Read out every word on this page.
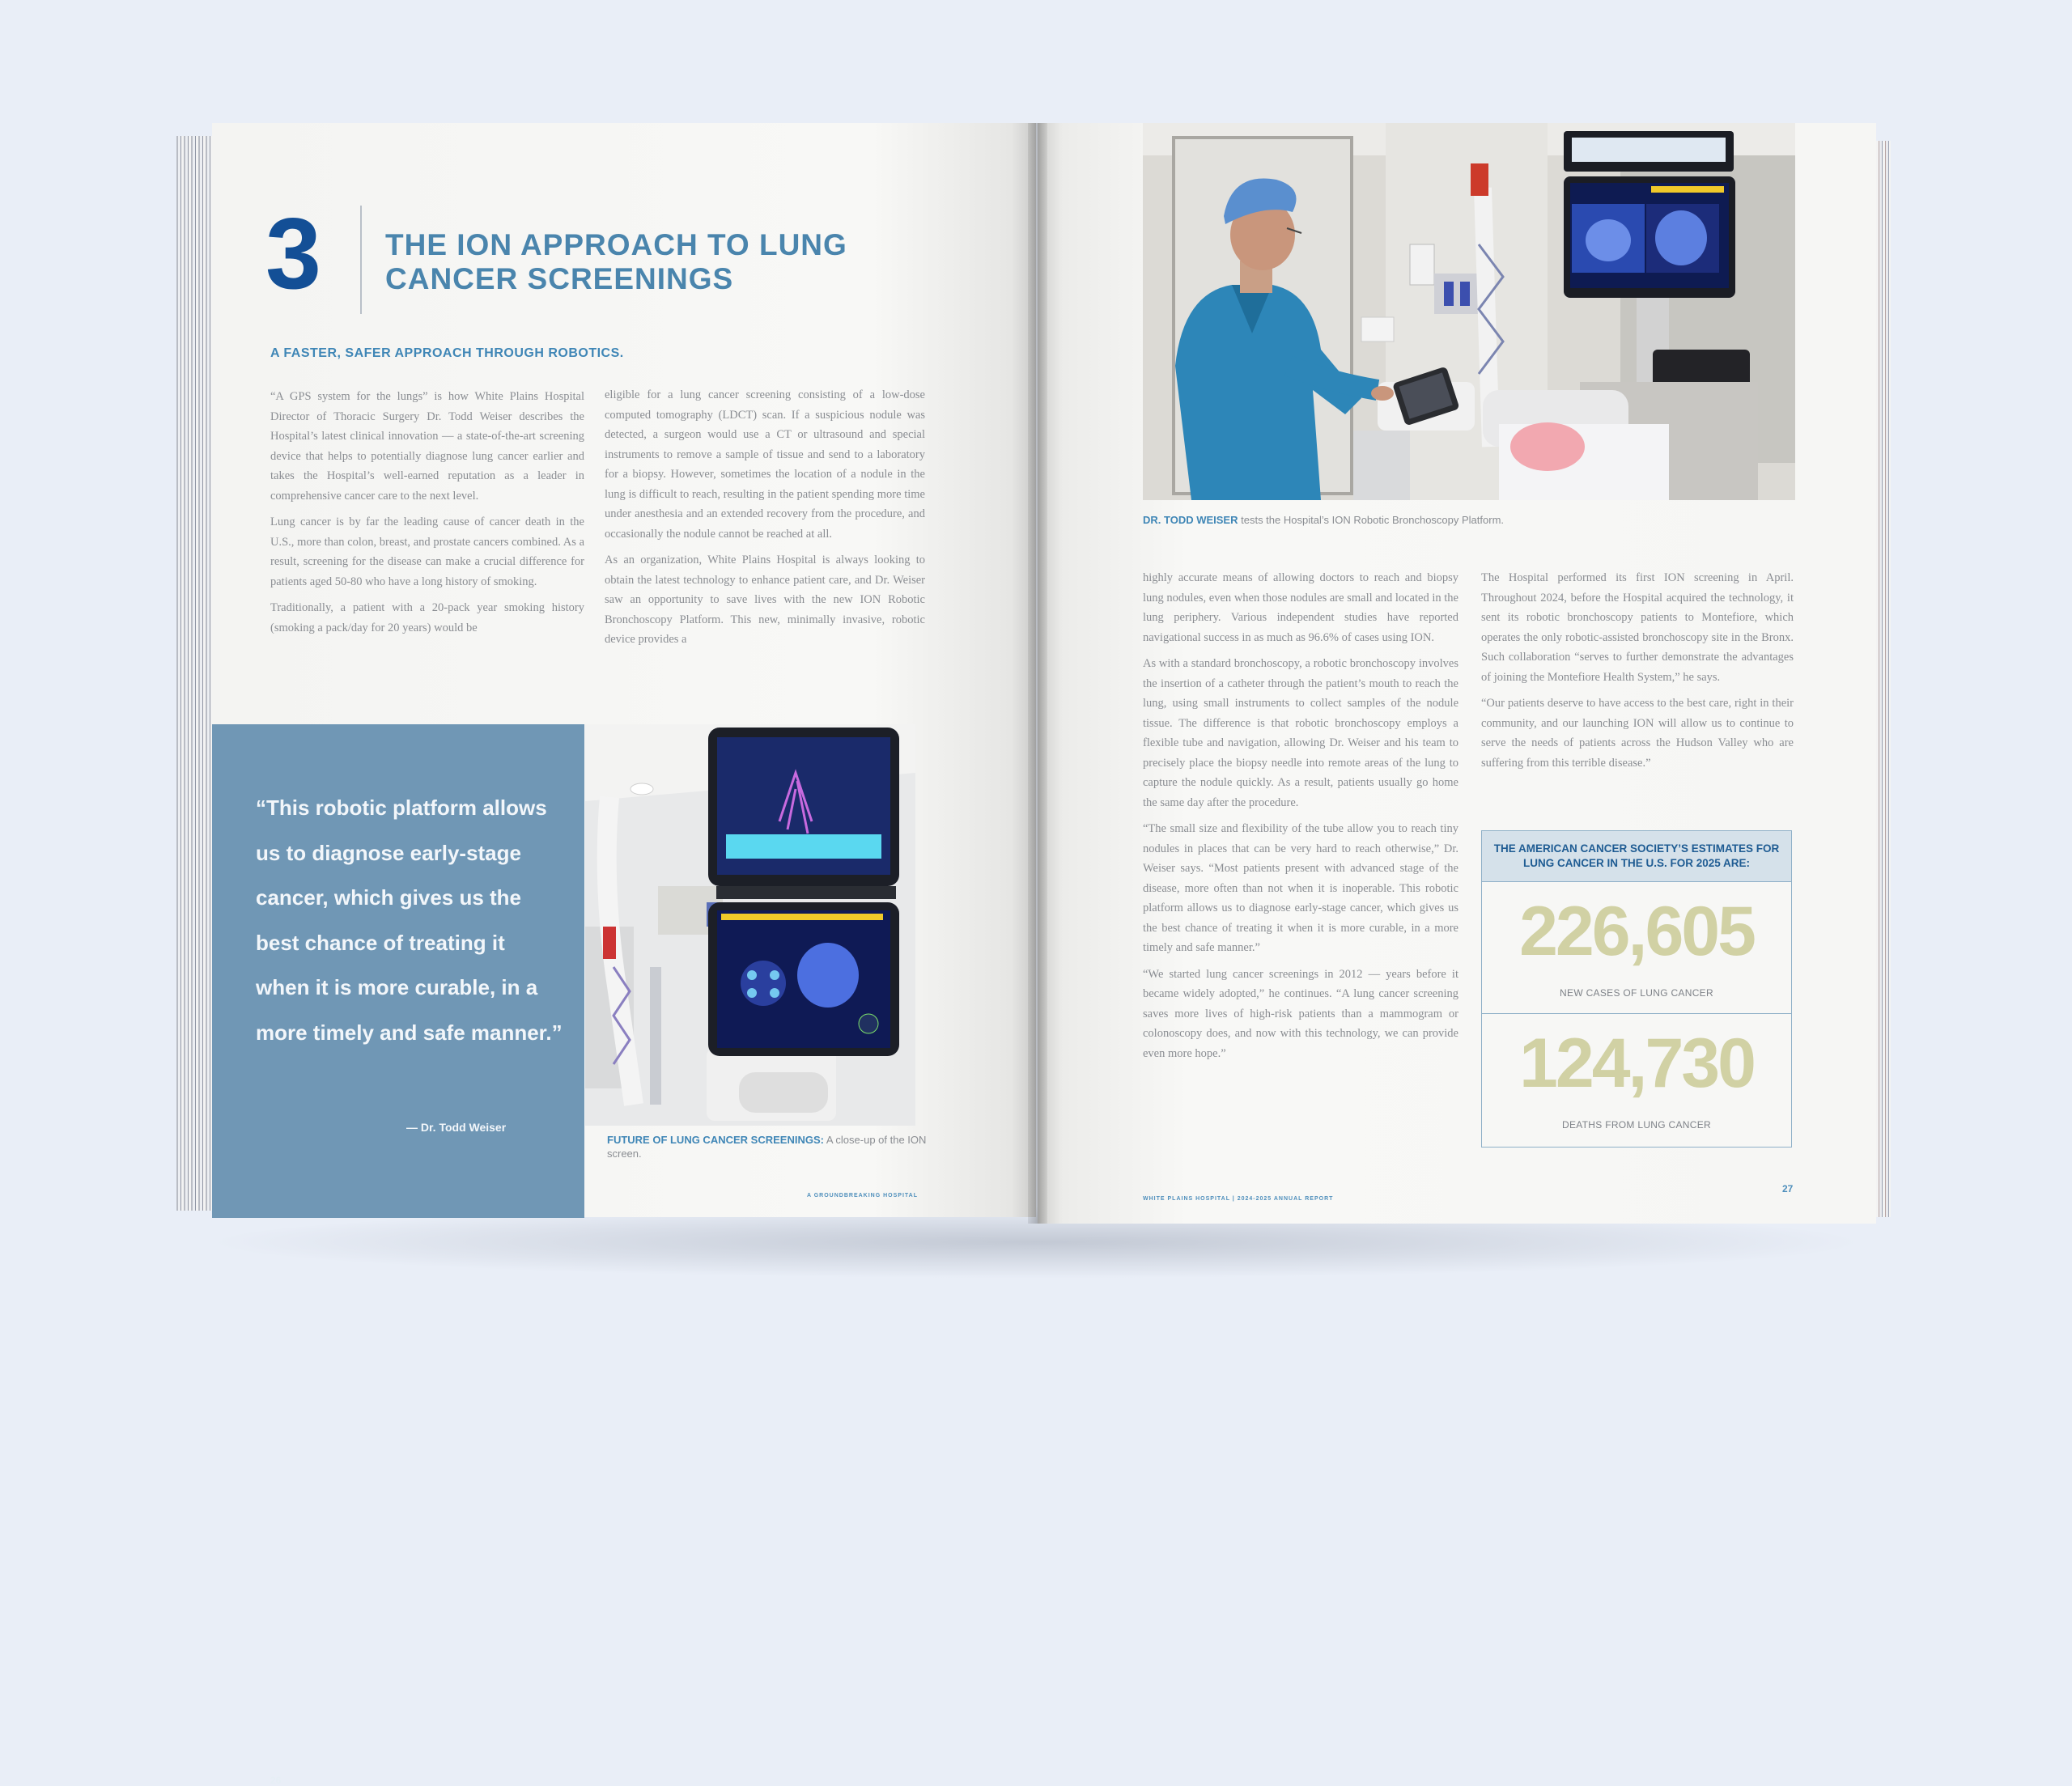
3 THE ION APPROACH TO LUNG
CANCER SCREENINGS
A FASTER, SAFER APPROACH THROUGH ROBOTICS.

“A GPS system for the lungs” is how White Plains Hospital Director of Thoracic Surgery Dr. Todd Weiser describes the Hospital’s latest clinical innovation — a state-of-the-art screening device that helps to potentially diagnose lung cancer earlier and takes the Hospital’s well-earned reputation as a leader in comprehensive cancer care to the next level.

Lung cancer is by far the leading cause of cancer death in the U.S., more than colon, breast, and prostate cancers combined. As a result, screening for the disease can make a crucial difference for patients aged 50-80 who have a long history of smoking.

Traditionally, a patient with a 20-pack year smoking history (smoking a pack/day for 20 years) would be

eligible for a lung cancer screening consisting of a low-dose computed tomography (LDCT) scan. If a suspicious nodule was detected, a surgeon would use a CT or ultrasound and special instruments to remove a sample of tissue and send to a laboratory for a biopsy. However, sometimes the location of a nodule in the lung is difficult to reach, resulting in the patient spending more time under anesthesia and an extended recovery from the procedure, and occasionally the nodule cannot be reached at all.

As an organization, White Plains Hospital is always looking to obtain the latest technology to enhance patient care, and Dr. Weiser saw an opportunity to save lives with the new ION Robotic Bronchoscopy Platform. This new, minimally invasive, robotic device provides a

“This robotic platform allows us to diagnose early-stage cancer, which gives us the best chance of treating it when it is more curable, in a more timely and safe manner.”
— Dr. Todd Weiser
26
FUTURE OF LUNG CANCER SCREENINGS: A close-up of the ION screen.
A GROUNDBREAKING HOSPITAL
DR. TODD WEISER tests the Hospital’s ION Robotic Bronchoscopy Platform.

highly accurate means of allowing doctors to reach and biopsy lung nodules, even when those nodules are small and located in the lung periphery. Various independent studies have reported navigational success in as much as 96.6% of cases using ION.

As with a standard bronchoscopy, a robotic bronchoscopy involves the insertion of a catheter through the patient’s mouth to reach the lung, using small instruments to collect samples of the nodule tissue. The difference is that robotic bronchoscopy employs a flexible tube and navigation, allowing Dr. Weiser and his team to precisely place the biopsy needle into remote areas of the lung to capture the nodule quickly. As a result, patients usually go home the same day after the procedure.

“The small size and flexibility of the tube allow you to reach tiny nodules in places that can be very hard to reach otherwise,” Dr. Weiser says. “Most patients present with advanced stage of the disease, more often than not when it is inoperable. This robotic platform allows us to diagnose early-stage cancer, which gives us the best chance of treating it when it is more curable, in a more timely and safe manner.”

“We started lung cancer screenings in 2012 — years before it became widely adopted,” he continues. “A lung cancer screening saves more lives of high-risk patients than a mammogram or colonoscopy does, and now with this technology, we can provide even more hope.”

The Hospital performed its first ION screening in April. Throughout 2024, before the Hospital acquired the technology, it sent its robotic bronchoscopy patients to Montefiore, which operates the only robotic-assisted bronchoscopy site in the Bronx. Such collaboration “serves to further demonstrate the advantages of joining the Montefiore Health System,” he says.

“Our patients deserve to have access to the best care, right in their community, and our launching ION will allow us to continue to serve the needs of patients across the Hudson Valley who are suffering from this terrible disease.”

THE AMERICAN CANCER SOCIETY’S ESTIMATES FOR LUNG CANCER IN THE U.S. FOR 2025 ARE:
226,605
NEW CASES OF LUNG CANCER
124,730
DEATHS FROM LUNG CANCER
WHITE PLAINS HOSPITAL | 2024-2025 ANNUAL REPORT
27
